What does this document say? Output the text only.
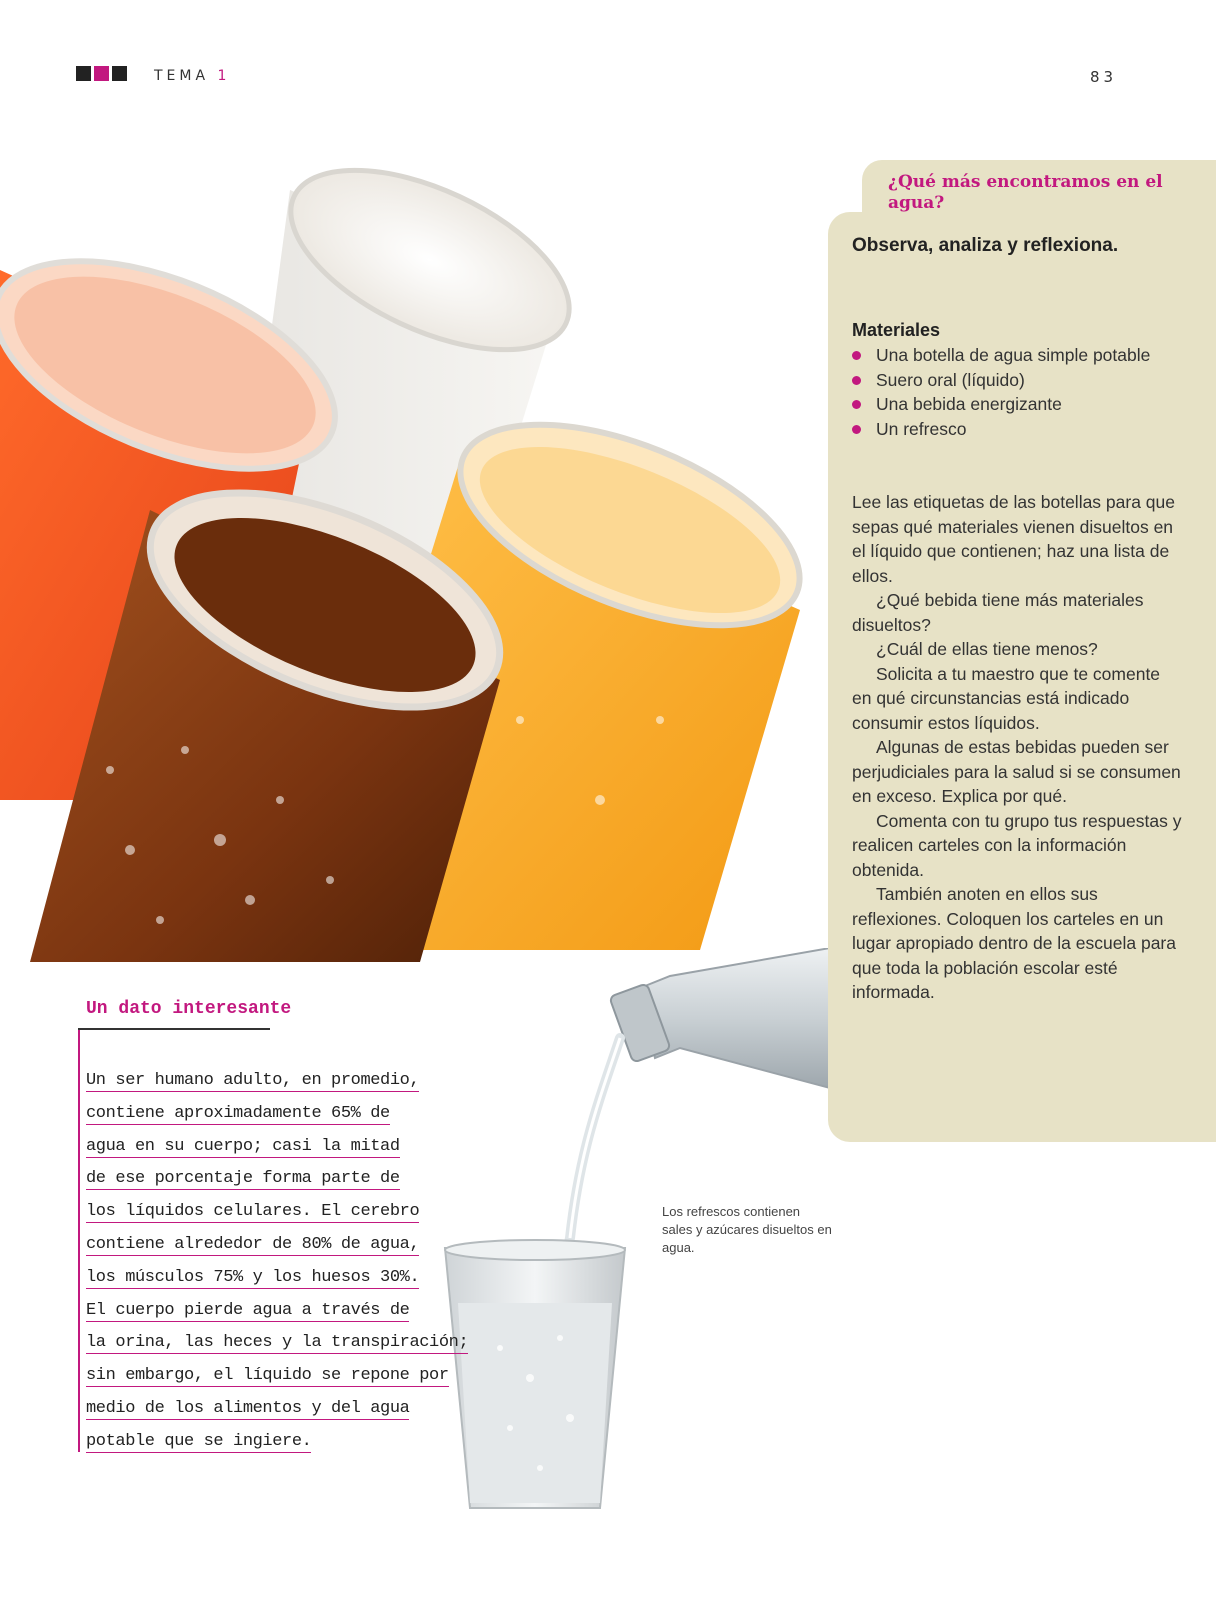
TEMA 1	83
¿Qué más encontramos en el agua?
Observa, analiza y reflexiona.
Materiales
Una botella de agua simple potable
Suero oral (líquido)
Una bebida energizante
Un refresco

Lee las etiquetas de las botellas para que sepas qué materiales vienen disueltos en el líquido que contienen; haz una lista de ellos.

¿Qué bebida tiene más materiales disueltos?

¿Cuál de ellas tiene menos?

Solicita a tu maestro que te comente en qué circunstancias está indicado consumir estos líquidos.

Algunas de estas bebidas pueden ser perjudiciales para la salud si se consumen en exceso. Explica por qué.

Comenta con tu grupo tus respuestas y realicen carteles con la información obtenida.

También anoten en ellos sus reflexiones. Coloquen los carteles en un lugar apropiado dentro de la escuela para que toda la población escolar esté informada.

Un dato interesante
Un ser humano adulto, en promedio,
contiene aproximadamente 65% de
agua en su cuerpo; casi la mitad
de ese porcentaje forma parte de
los líquidos celulares. El cerebro
contiene alrededor de 80% de agua,
los músculos 75% y los huesos 30%.
El cuerpo pierde agua a través de
la orina, las heces y la transpiración;
sin embargo, el líquido se repone por
medio de los alimentos y del agua
potable que se ingiere.
Los refrescos contienen sales y azúcares disueltos en agua.
